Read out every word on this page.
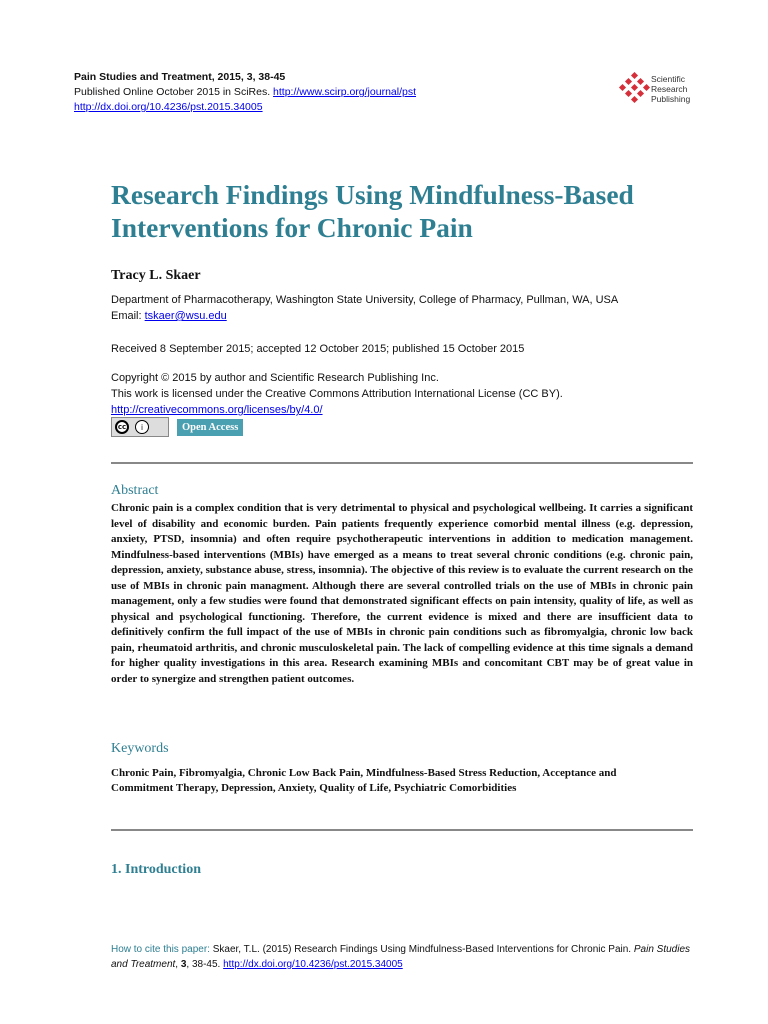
Pain Studies and Treatment, 2015, 3, 38-45
Published Online October 2015 in SciRes. http://www.scirp.org/journal/pst
http://dx.doi.org/10.4236/pst.2015.34005
Scientific
Research
Publishing
Research Findings Using Mindfulness-Based Interventions for Chronic Pain
Tracy L. Skaer
Department of Pharmacotherapy, Washington State University, College of Pharmacy, Pullman, WA, USA
Email: tskaer@wsu.edu
Received 8 September 2015; accepted 12 October 2015; published 15 October 2015
Copyright © 2015 by author and Scientific Research Publishing Inc.
This work is licensed under the Creative Commons Attribution International License (CC BY).
http://creativecommons.org/licenses/by/4.0/
cc	i	Open Access
Abstract

Chronic pain is a complex condition that is very detrimental to physical and psychological wellbeing. It carries a significant level of disability and economic burden. Pain patients frequently experience comorbid mental illness (e.g. depression, anxiety, PTSD, insomnia) and often require psychotherapeutic interventions in addition to medication management. Mindfulness-based interventions (MBIs) have emerged as a means to treat several chronic conditions (e.g. chronic pain, depression, anxiety, substance abuse, stress, insomnia). The objective of this review is to evaluate the current research on the use of MBIs in chronic pain managment. Although there are several controlled trials on the use of MBIs in chronic pain management, only a few studies were found that demonstrated significant effects on pain intensity, quality of life, as well as physical and psychological functioning. Therefore, the current evidence is mixed and there are insufficient data to definitively confirm the full impact of the use of MBIs in chronic pain conditions such as fibromyalgia, chronic low back pain, rheumatoid arthritis, and chronic musculoskeletal pain. The lack of compelling evidence at this time signals a demand for higher quality investigations in this area. Research examining MBIs and concomitant CBT may be of great value in order to synergize and strengthen patient outcomes.

Keywords

Chronic Pain, Fibromyalgia, Chronic Low Back Pain, Mindfulness-Based Stress Reduction, Acceptance and Commitment Therapy, Depression, Anxiety, Quality of Life, Psychiatric Comorbidities

1. Introduction
How to cite this paper: Skaer, T.L. (2015) Research Findings Using Mindfulness-Based Interventions for Chronic Pain. Pain Studies and Treatment, 3, 38-45. http://dx.doi.org/10.4236/pst.2015.34005
